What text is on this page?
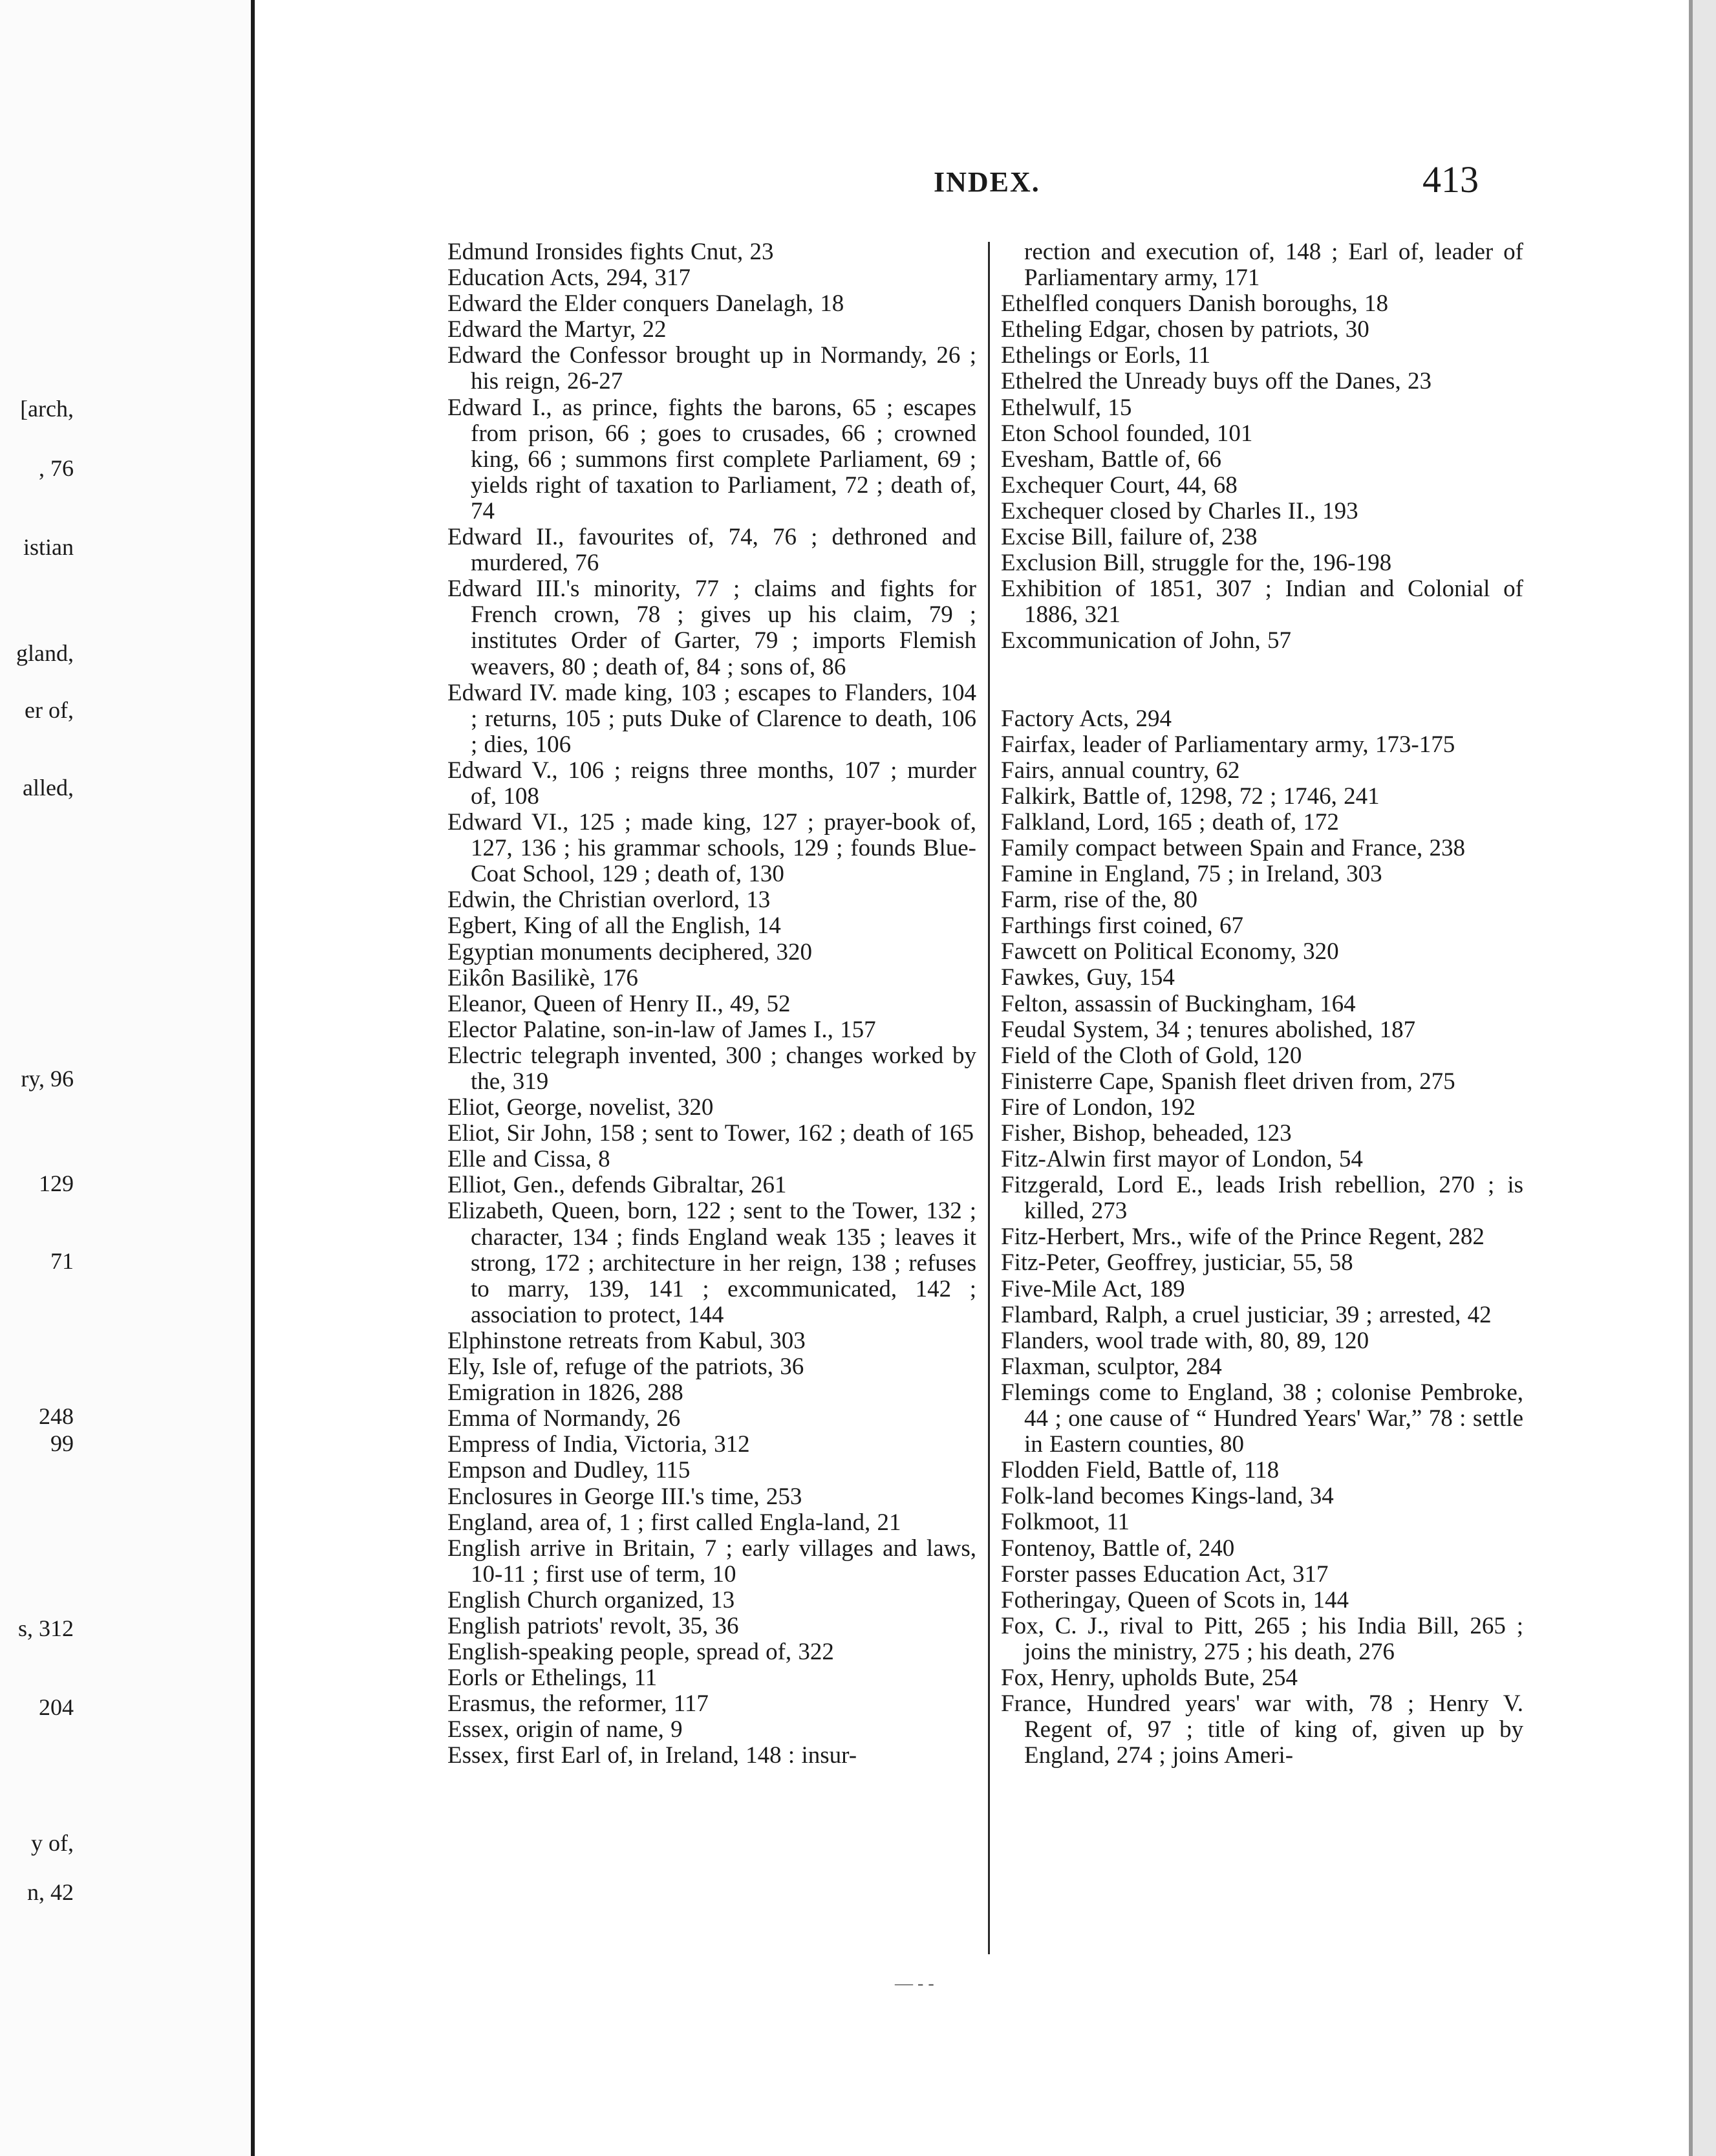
[arch,
, 76
istian
gland,
er of,
alled,
ry, 96
129
71
248
99
s, 312
204
y of,
n, 42
INDEX.	413

Edmund Ironsides fights Cnut, 23

Education Acts, 294, 317

Edward the Elder conquers Danelagh, 18

Edward the Martyr, 22

Edward the Confessor brought up in Normandy, 26 ; his reign, 26-27

Edward I., as prince, fights the barons, 65 ; escapes from prison, 66 ; goes to crusades, 66 ; crowned king, 66 ; summons first complete Parliament, 69 ; yields right of taxation to Parliament, 72 ; death of, 74

Edward II., favourites of, 74, 76 ; dethroned and murdered, 76

Edward III.'s minority, 77 ; claims and fights for French crown, 78 ; gives up his claim, 79 ; institutes Order of Garter, 79 ; imports Flemish weavers, 80 ; death of, 84 ; sons of, 86

Edward IV. made king, 103 ; escapes to Flanders, 104 ; returns, 105 ; puts Duke of Clarence to death, 106 ; dies, 106

Edward V., 106 ; reigns three months, 107 ; murder of, 108

Edward VI., 125 ; made king, 127 ; prayer-book of, 127, 136 ; his grammar schools, 129 ; founds Blue-Coat School, 129 ; death of, 130

Edwin, the Christian overlord, 13

Egbert, King of all the English, 14

Egyptian monuments deciphered, 320

Eikôn Basilikè, 176

Eleanor, Queen of Henry II., 49, 52

Elector Palatine, son-in-law of James I., 157

Electric telegraph invented, 300 ; changes worked by the, 319

Eliot, George, novelist, 320

Eliot, Sir John, 158 ; sent to Tower, 162 ; death of 165

Elle and Cissa, 8

Elliot, Gen., defends Gibraltar, 261

Elizabeth, Queen, born, 122 ; sent to the Tower, 132 ; character, 134 ; finds England weak 135 ; leaves it strong, 172 ; architecture in her reign, 138 ; refuses to marry, 139, 141 ; excommunicated, 142 ; association to protect, 144

Elphinstone retreats from Kabul, 303

Ely, Isle of, refuge of the patriots, 36

Emigration in 1826, 288

Emma of Normandy, 26

Empress of India, Victoria, 312

Empson and Dudley, 115

Enclosures in George III.'s time, 253

England, area of, 1 ; first called Engla-land, 21

English arrive in Britain, 7 ; early villages and laws, 10-11 ; first use of term, 10

English Church organized, 13

English patriots' revolt, 35, 36

English-speaking people, spread of, 322

Eorls or Ethelings, 11

Erasmus, the reformer, 117

Essex, origin of name, 9

Essex, first Earl of, in Ireland, 148 : insur-

rection and execution of, 148 ; Earl of, leader of Parliamentary army, 171

Ethelfled conquers Danish boroughs, 18

Etheling Edgar, chosen by patriots, 30

Ethelings or Eorls, 11

Ethelred the Unready buys off the Danes, 23

Ethelwulf, 15

Eton School founded, 101

Evesham, Battle of, 66

Exchequer Court, 44, 68

Exchequer closed by Charles II., 193

Excise Bill, failure of, 238

Exclusion Bill, struggle for the, 196-198

Exhibition of 1851, 307 ; Indian and Colonial of 1886, 321

Excommunication of John, 57

Factory Acts, 294

Fairfax, leader of Parliamentary army, 173-175

Fairs, annual country, 62

Falkirk, Battle of, 1298, 72 ; 1746, 241

Falkland, Lord, 165 ; death of, 172

Family compact between Spain and France, 238

Famine in England, 75 ; in Ireland, 303

Farm, rise of the, 80

Farthings first coined, 67

Fawcett on Political Economy, 320

Fawkes, Guy, 154

Felton, assassin of Buckingham, 164

Feudal System, 34 ; tenures abolished, 187

Field of the Cloth of Gold, 120

Finisterre Cape, Spanish fleet driven from, 275

Fire of London, 192

Fisher, Bishop, beheaded, 123

Fitz-Alwin first mayor of London, 54

Fitzgerald, Lord E., leads Irish rebellion, 270 ; is killed, 273

Fitz-Herbert, Mrs., wife of the Prince Regent, 282

Fitz-Peter, Geoffrey, justiciar, 55, 58

Five-Mile Act, 189

Flambard, Ralph, a cruel justiciar, 39 ; arrested, 42

Flanders, wool trade with, 80, 89, 120

Flaxman, sculptor, 284

Flemings come to England, 38 ; colonise Pembroke, 44 ; one cause of “ Hundred Years' War,” 78 : settle in Eastern counties, 80

Flodden Field, Battle of, 118

Folk-land becomes Kings-land, 34

Folkmoot, 11

Fontenoy, Battle of, 240

Forster passes Education Act, 317

Fotheringay, Queen of Scots in, 144

Fox, C. J., rival to Pitt, 265 ; his India Bill, 265 ; joins the ministry, 275 ; his death, 276

Fox, Henry, upholds Bute, 254

France, Hundred years' war with, 78 ; Henry V. Regent of, 97 ; title of king of, given up by England, 274 ; joins Ameri-

— - -
